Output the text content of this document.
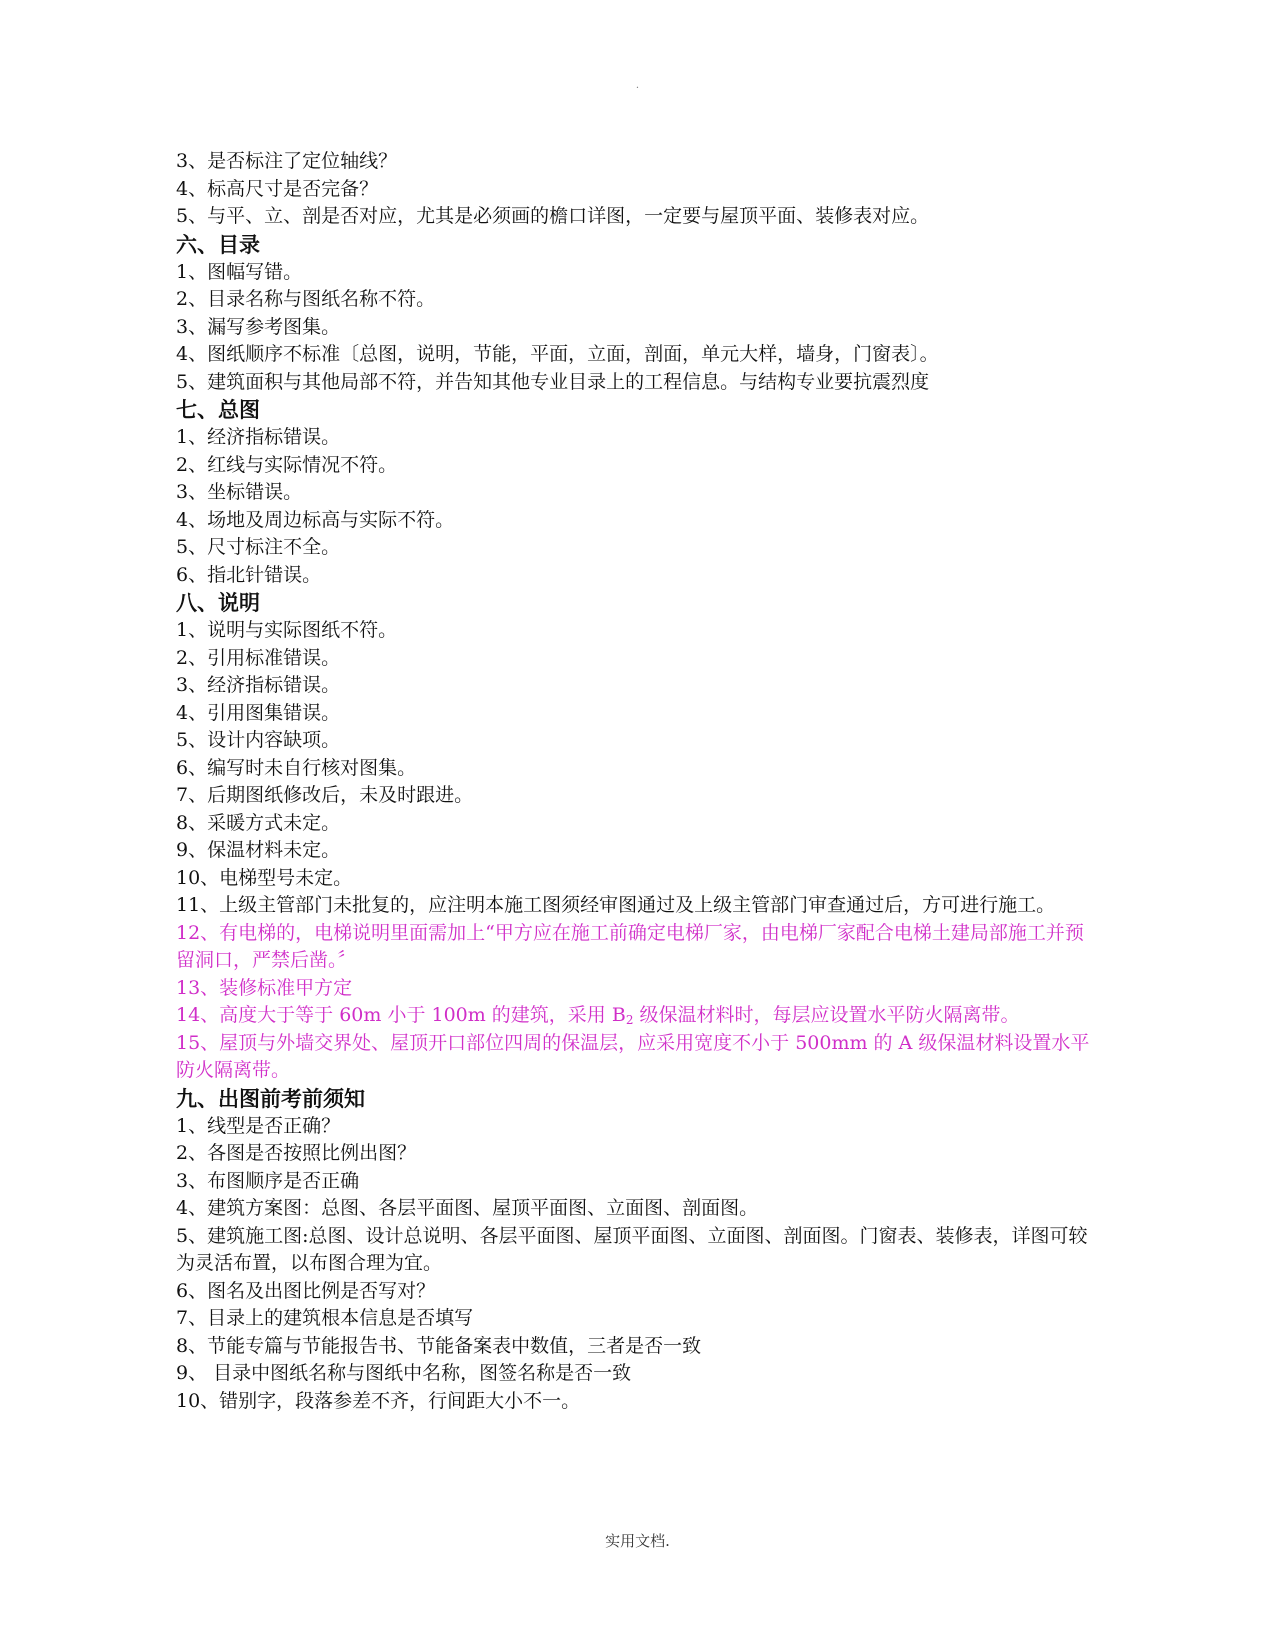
.

3、是否标注了定位轴线？

4、标高尺寸是否完备？

5、与平、立、剖是否对应，尤其是必须画的檐口详图，一定要与屋顶平面、装修表对应。

六、目录

1、图幅写错。

2、目录名称与图纸名称不符。

3、漏写参考图集。

4、图纸顺序不标准〔总图，说明，节能，平面，立面，剖面，单元大样，墙身，门窗表〕。

5、建筑面积与其他局部不符，并告知其他专业目录上的工程信息。与结构专业要抗震烈度

七、总图

1、经济指标错误。

2、红线与实际情况不符。

3、坐标错误。

4、场地及周边标高与实际不符。

5、尺寸标注不全。

6、指北针错误。

八、说明

1、说明与实际图纸不符。

2、引用标准错误。

3、经济指标错误。

4、引用图集错误。

5、设计内容缺项。

6、编写时未自行核对图集。

7、后期图纸修改后，未及时跟进。

8、采暖方式未定。

9、保温材料未定。

10、电梯型号未定。

11、上级主管部门未批复的，应注明本施工图须经审图通过及上级主管部门审查通过后，方可进行施工。

12、有电梯的，电梯说明里面需加上“甲方应在施工前确定电梯厂家，由电梯厂家配合电梯土建局部施工并预留洞口，严禁后凿。〞

13、装修标准甲方定

14、高度大于等于 60m 小于 100m 的建筑，采用 $B_2$ 级保温材料时，每层应设置水平防火隔离带。

15、屋顶与外墙交界处、屋顶开口部位四周的保温层，应采用宽度不小于 500mm 的 A 级保温材料设置水平防火隔离带。

九、出图前考前须知

1、线型是否正确？

2、各图是否按照比例出图？

3、布图顺序是否正确

4、建筑方案图：总图、各层平面图、屋顶平面图、立面图、剖面图。

5、建筑施工图:总图、设计总说明、各层平面图、屋顶平面图、立面图、剖面图。门窗表、装修表，详图可较为灵活布置，以布图合理为宜。

6、图名及出图比例是否写对？

7、目录上的建筑根本信息是否填写

8、节能专篇与节能报告书、节能备案表中数值，三者是否一致

9、 目录中图纸名称与图纸中名称，图签名称是否一致

10、错别字，段落参差不齐，行间距大小不一。

实用文档.
